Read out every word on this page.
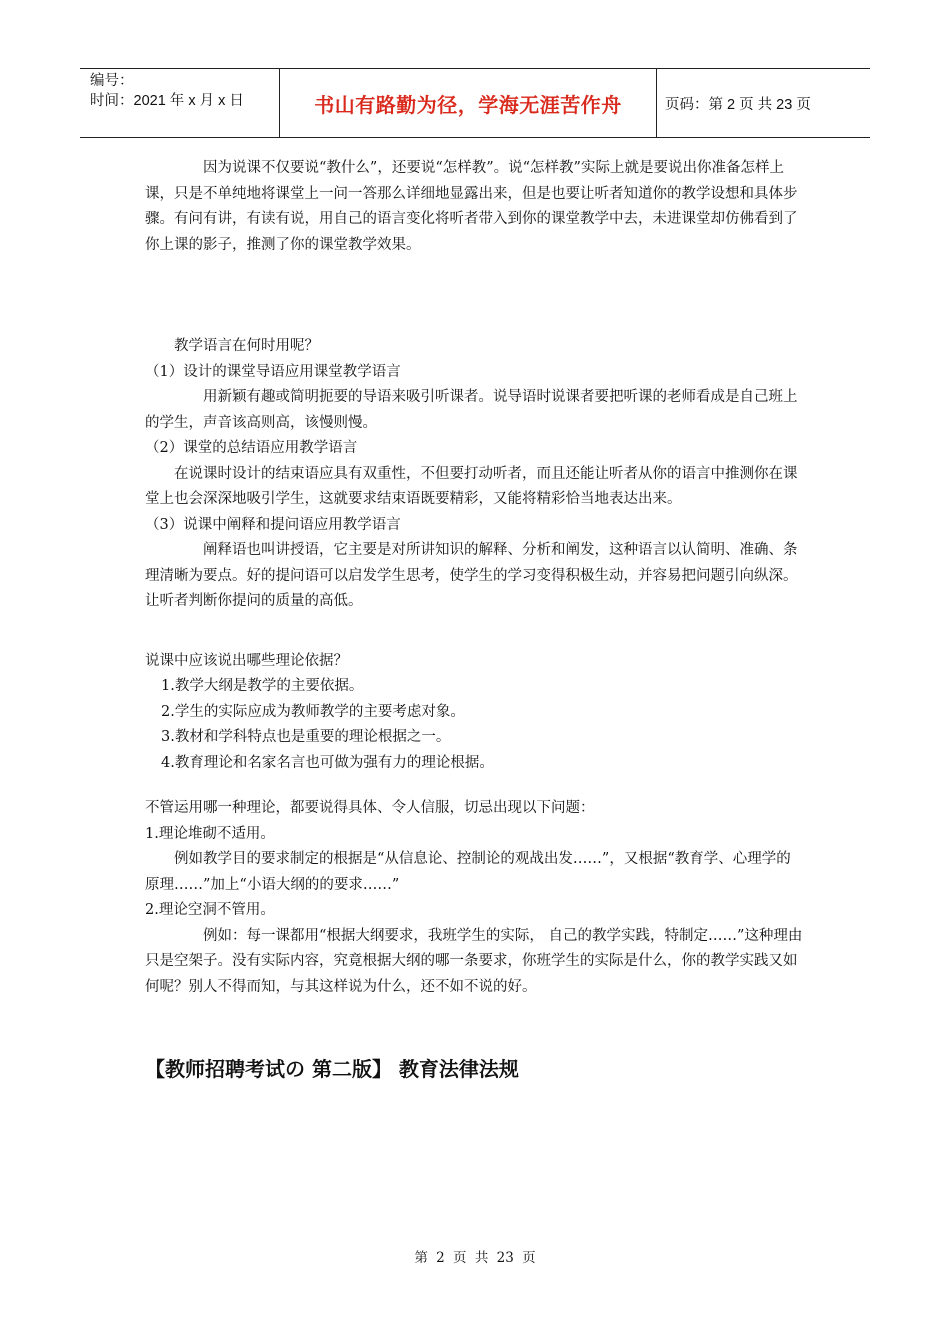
编号：
时间：2021 年 x 月 x 日	书山有路勤为径，学海无涯苦作舟	页码：第 2 页 共 23 页

因为说课不仅要说“教什么”，还要说“怎样教”。说“怎样教”实际上就是要说出你准备怎样上课，只是不单纯地将课堂上一问一答那么详细地显露出来，但是也要让听者知道你的教学设想和具体步骤。有问有讲，有读有说，用自己的语言变化将听者带入到你的课堂教学中去，未进课堂却仿佛看到了你上课的影子，推测了你的课堂教学效果。

教学语言在何时用呢？

（1）设计的课堂导语应用课堂教学语言

用新颖有趣或简明扼要的导语来吸引听课者。说导语时说课者要把听课的老师看成是自己班上的学生，声音该高则高，该慢则慢。

（2）课堂的总结语应用教学语言

在说课时设计的结束语应具有双重性，不但要打动听者，而且还能让听者从你的语言中推测你在课堂上也会深深地吸引学生，这就要求结束语既要精彩，又能将精彩恰当地表达出来。

（3）说课中阐释和提问语应用教学语言

阐释语也叫讲授语，它主要是对所讲知识的解释、分析和阐发，这种语言以认简明、准确、条理清晰为要点。好的提问语可以启发学生思考，使学生的学习变得积极生动，并容易把问题引向纵深。让听者判断你提问的质量的高低。

说课中应该说出哪些理论依据？

1.教学大纲是教学的主要依据。

2.学生的实际应成为教师教学的主要考虑对象。

3.教材和学科特点也是重要的理论根据之一。

4.教育理论和名家名言也可做为强有力的理论根据。

不管运用哪一种理论，都要说得具体、令人信服，切忌出现以下问题：

1.理论堆砌不适用。

例如教学目的要求制定的根据是“从信息论、控制论的观战出发……”，又根据“教育学、心理学的原理……”加上“小语大纲的的要求……”

2.理论空洞不管用。

例如：每一课都用“根据大纲要求，我班学生的实际， 自己的教学实践，特制定……”这种理由只是空架子。没有实际内容，究竟根据大纲的哪一条要求，你班学生的实际是什么，你的教学实践又如何呢？别人不得而知，与其这样说为什么，还不如不说的好。

【教师招聘考试の 第二版】 教育法律法规

第 2 页 共 23 页
